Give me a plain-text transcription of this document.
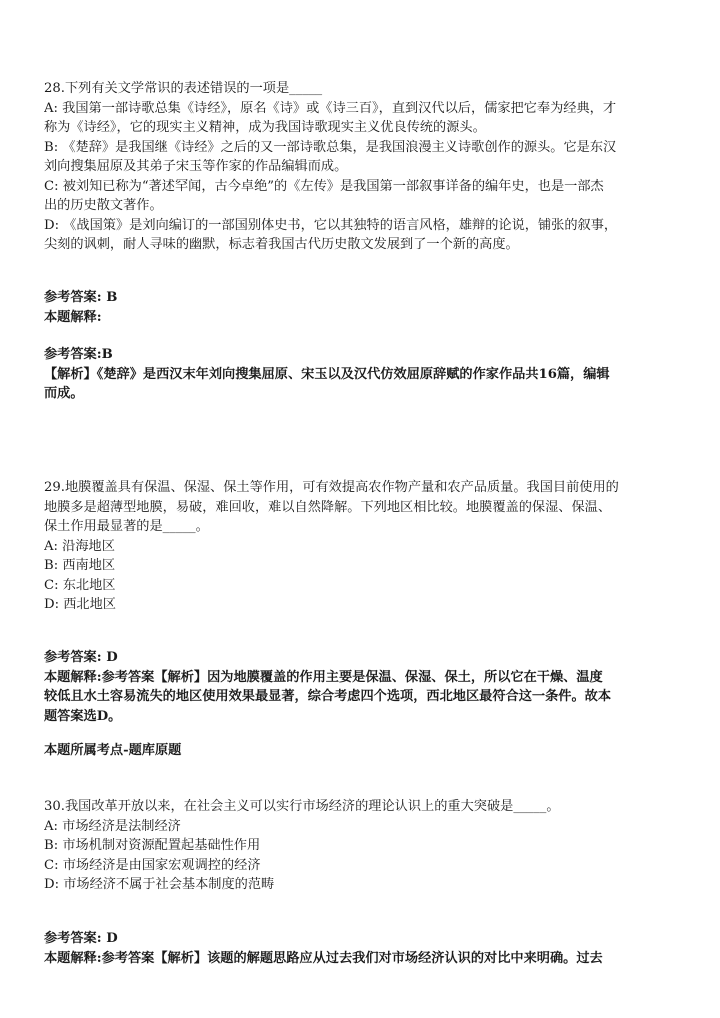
28.下列有关文学常识的表述错误的一项是_____
A: 我国第一部诗歌总集《诗经》，原名《诗》或《诗三百》，直到汉代以后，儒家把它奉为经典，才
称为《诗经》，它的现实主义精神，成为我国诗歌现实主义优良传统的源头。
B: 《楚辞》是我国继《诗经》之后的又一部诗歌总集，是我国浪漫主义诗歌创作的源头。它是东汉
刘向搜集屈原及其弟子宋玉等作家的作品编辑而成。
C: 被刘知已称为“著述罕闻，古今卓绝”的《左传》是我国第一部叙事详备的编年史，也是一部杰
出的历史散文著作。
D: 《战国策》是刘向编订的一部国别体史书，它以其独特的语言风格，雄辩的论说，铺张的叙事，
尖刻的讽刺，耐人寻味的幽默，标志着我国古代历史散文发展到了一个新的高度。
参考答案: B
本题解释:
参考答案:B
【解析】《楚辞》是西汉末年刘向搜集屈原、宋玉以及汉代仿效屈原辞赋的作家作品共16篇，编辑
而成。
29.地膜覆盖具有保温、保湿、保土等作用，可有效提高农作物产量和农产品质量。我国目前使用的
地膜多是超薄型地膜，易破，难回收，难以自然降解。下列地区相比较。地膜覆盖的保湿、保温、
保土作用最显著的是_____。
A: 沿海地区
B: 西南地区
C: 东北地区
D: 西北地区
参考答案: D
本题解释:参考答案【解析】因为地膜覆盖的作用主要是保温、保湿、保土，所以它在干燥、温度
较低且水土容易流失的地区使用效果最显著，综合考虑四个选项，西北地区最符合这一条件。故本
题答案选D。
本题所属考点-题库原题
30.我国改革开放以来，在社会主义可以实行市场经济的理论认识上的重大突破是_____。
A: 市场经济是法制经济
B: 市场机制对资源配置起基础性作用
C: 市场经济是由国家宏观调控的经济
D: 市场经济不属于社会基本制度的范畴
参考答案: D
本题解释:参考答案【解析】该题的解题思路应从过去我们对市场经济认识的对比中来明确。过去
